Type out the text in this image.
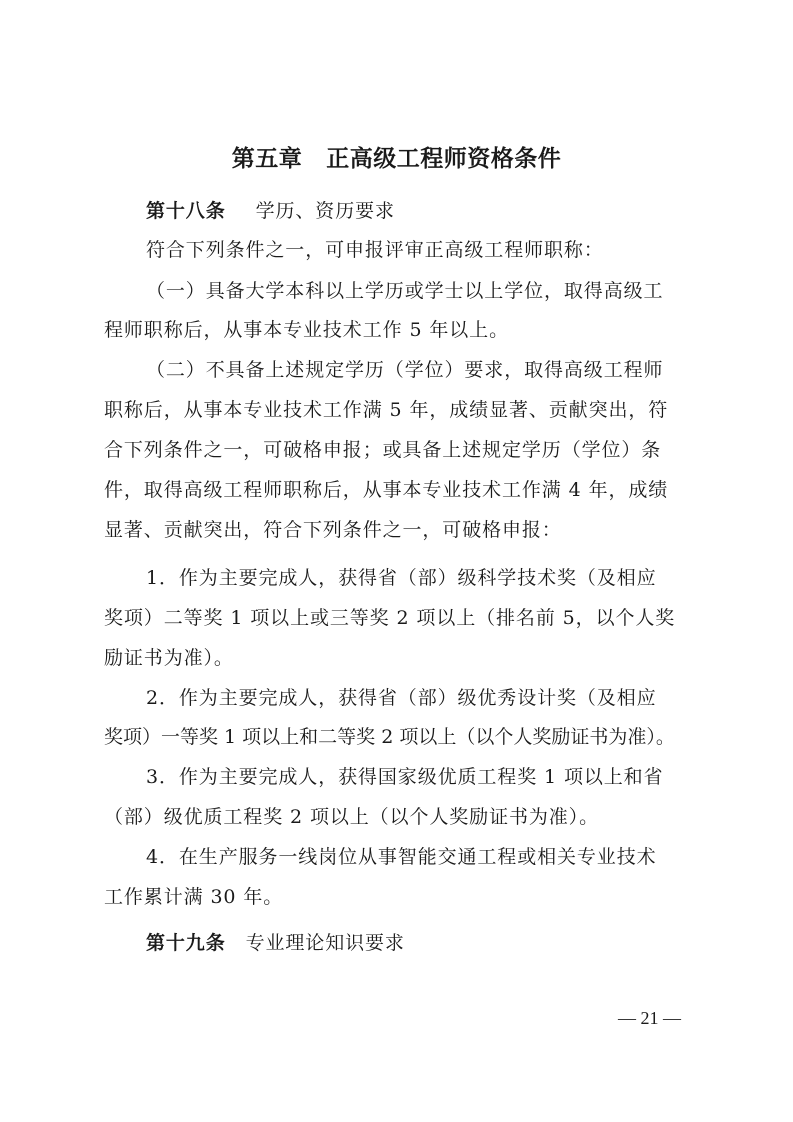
第五章 正高级工程师资格条件
第十八条 学历、资历要求
符合下列条件之一，可申报评审正高级工程师职称：
（一）具备大学本科以上学历或学士以上学位，取得高级工
程师职称后，从事本专业技术工作 5 年以上。
（二）不具备上述规定学历（学位）要求，取得高级工程师
职称后，从事本专业技术工作满 5 年，成绩显著、贡献突出，符
合下列条件之一，可破格申报；或具备上述规定学历（学位）条
件，取得高级工程师职称后，从事本专业技术工作满 4 年，成绩
显著、贡献突出，符合下列条件之一，可破格申报：
1．作为主要完成人，获得省（部）级科学技术奖（及相应
奖项）二等奖 1 项以上或三等奖 2 项以上（排名前 5，以个人奖
励证书为准）。
2．作为主要完成人，获得省（部）级优秀设计奖（及相应
奖项）一等奖 1 项以上和二等奖 2 项以上（以个人奖励证书为准）。
3．作为主要完成人，获得国家级优质工程奖 1 项以上和省
（部）级优质工程奖 2 项以上（以个人奖励证书为准）。
4．在生产服务一线岗位从事智能交通工程或相关专业技术
工作累计满 30 年。
第十九条 专业理论知识要求
— 21 —
